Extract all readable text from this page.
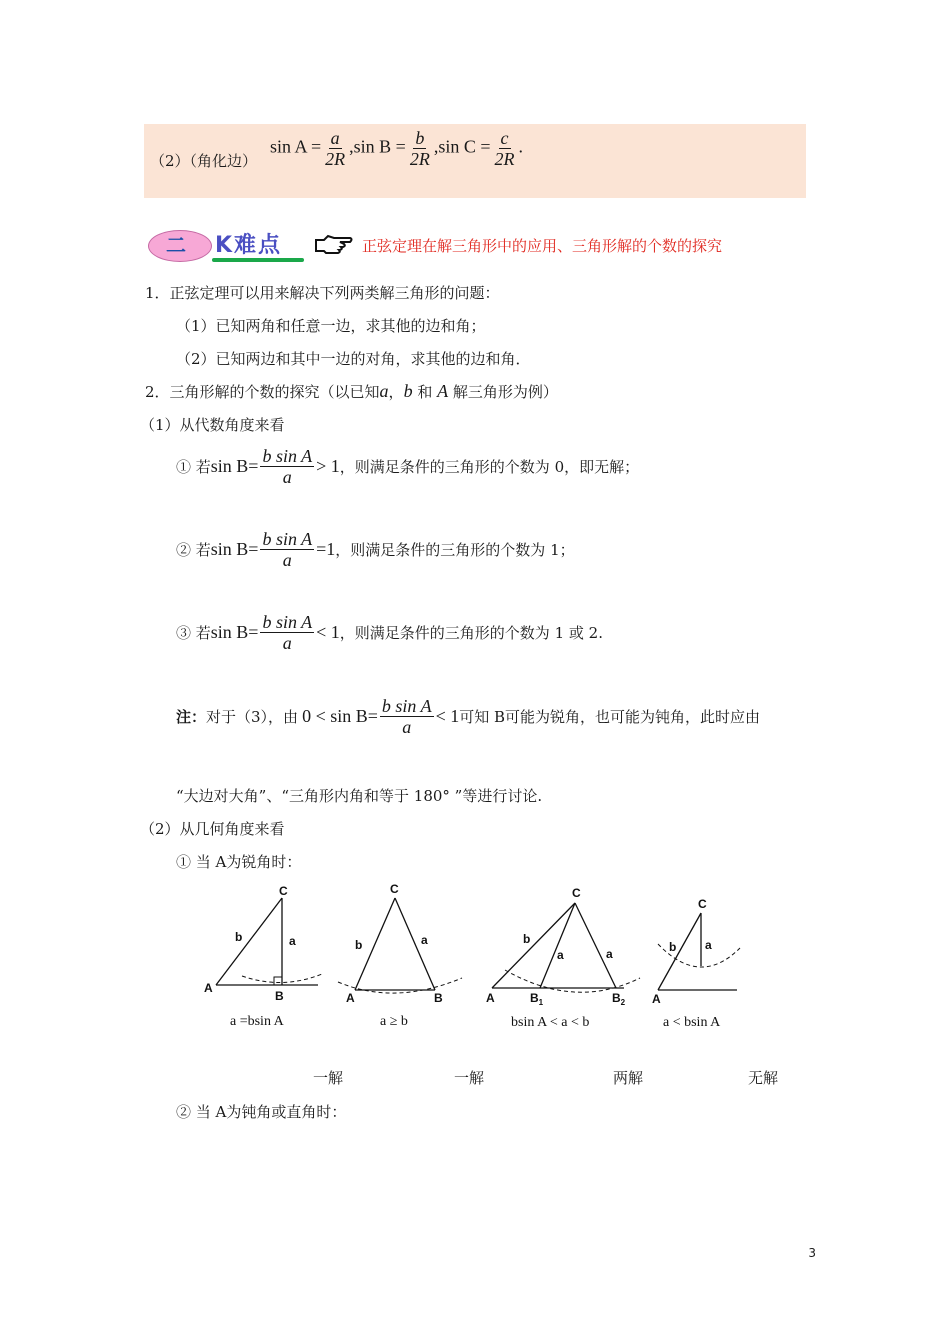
（2）（角化边）
$\sin A = \frac{a}{2R} ,\sin$ $B = \frac{b}{2R} ,\sin$ $C = \frac{c}{2R}$ .
二 K难点	正弦定理在解三角形中的应用、三角形解的个数的探究
1．正弦定理可以用来解决下列两类解三角形的问题：
（1）已知两角和任意一边，求其他的边和角；
（2）已知两边和其中一边的对角，求其他的边和角．
2．三角形解的个数的探究（以已知a，b 和 A 解三角形为例）
（1）从代数角度来看
① 若$\sin B= \frac{\text{b sin A}}{a} > 1$，则满足条件的三角形的个数为 0，即无解；
② 若$\sin B= \frac{\text{b sin A}}{a} =1$，则满足条件的三角形的个数为 1；
③ 若$\sin B= \frac{\text{b sin A}}{a} < 1$，则满足条件的三角形的个数为 1 或 2.
注：对于（3），由 $0 < \sin B= \frac{\text{b sin A}}{a} < 1$可知 B可能为锐角，也可能为钝角，此时应由
“大边对大角”、“三角形内角和等于 180° ”等进行讨论.
（2）从几何角度来看
① 当 A为锐角时：
C
b	a
A
B
C
b	a
A	B
C
b
a	a
A	$B_1$	$B_2$
C
b a
A
a =bsin A	a ≥ b	bsin A < a < b	a < bsin A
一解	一解	两解	无解
② 当 A为钝角或直角时：
3
